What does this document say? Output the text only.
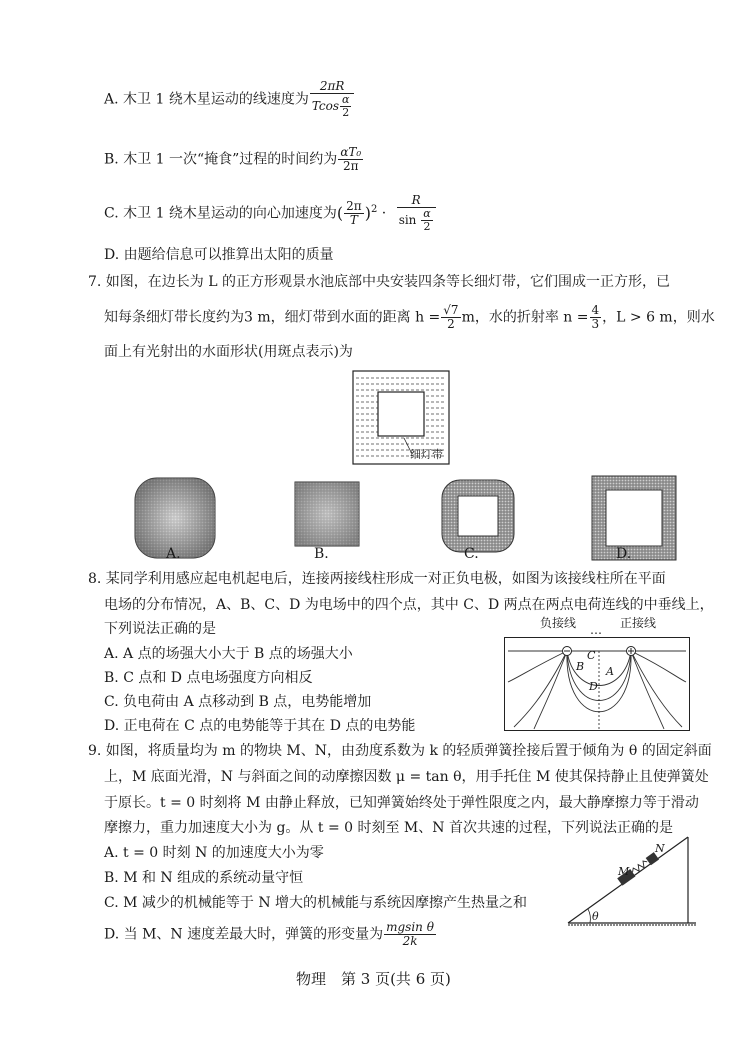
A. 木卫 1 绕木星运动的线速度为 $\frac{2\pi R}{Tcos \frac{\alpha}{2}}$
B. 木卫 1 一次“掩食”过程的时间约为 $\frac{\text{αT₀}}{2\pi}$
C. 木卫 1 绕木星运动的向心加速度为( $\frac{2\pi}{T} )^2 \cdot \frac{R}{\sin \frac{\alpha}{2}}$
D. 由题给信息可以推算出太阳的质量
7. 如图，在边长为 L 的正方形观景水池底部中央安装四条等长细灯带，它们围成一正方形，已
知每条细灯带长度约为3 m，细灯带到水面的距离 $h = \frac{√7}{2}$ m，水的折射率 $n = \frac{4}{3}$ ，L > 6 m，则水
面上有光射出的水面形状(用斑点表示)为
细灯带
A.	B.	C.	D.
8. 某同学利用感应起电机起电后，连接两接线柱形成一对正负电极，如图为该接线柱所在平面
电场的分布情况，A、B、C、D 为电场中的四个点，其中 C、D 两点在两点电荷连线的中垂线上，
下列说法正确的是
A. A 点的场强大小大于 B 点的场强大小
B. C 点和 D 点电场强度方向相反
C. 负电荷由 A 点移动到 B 点，电势能增加
D. 正电荷在 C 点的电势能等于其在 D 点的电势能
负接线 … 正接线
C
B A
D
9. 如图，将质量均为 m 的物块 M、N，由劲度系数为 k 的轻质弹簧拴接后置于倾角为 θ 的固定斜面
上，M 底面光滑，N 与斜面之间的动摩擦因数 μ = tan θ，用手托住 M 使其保持静止且使弹簧处
于原长。t = 0 时刻将 M 由静止释放，已知弹簧始终处于弹性限度之内，最大静摩擦力等于滑动
摩擦力，重力加速度大小为 g。从 t = 0 时刻至 M、N 首次共速的过程，下列说法正确的是
A. t = 0 时刻 N 的加速度大小为零
B. M 和 N 组成的系统动量守恒
C. M 减少的机械能等于 N 增大的机械能与系统因摩擦产生热量之和
D. 当 M、N 速度差最大时，弹簧的形变量为 $\frac{\text{mgsin θ}}{2k}$
M
N
θ
物理　第 3 页(共 6 页)
